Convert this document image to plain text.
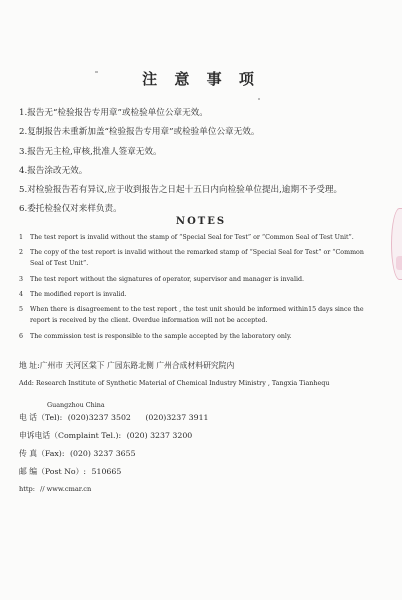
注 意 事 项
1.报告无“检验报告专用章”或检验单位公章无效。
2.复制报告未重新加盖“检验报告专用章”或检验单位公章无效。
3.报告无主检,审核,批准人签章无效。
4.报告涂改无效。
5.对检验报告若有异议,应于收到报告之日起十五日内向检验单位提出,逾期不予受理。
6.委托检验仅对来样负责。
NOTES
1	The test report is invalid without the stamp of “Special Seal for Test” or “Common Seal of Test Unit”.
2	The copy of the test report is invalid without the remarked stamp of “Special Seal for Test” or “Common Seal of Test Unit”.
3	The test report without the signatures of operator, supervisor and manager is invalid.
4	The modified report is invalid.
5	When there is disagreement to the test report , the test unit should be informed within15 days since the report is received by the client. Overdue information will not be accepted.
6	The commission test is responsible to the sample accepted by the laboratory only.
地 址:广州市 天河区棠下 广园东路北侧 广州合成材料研究院内
Add: Research Institute of Synthetic Material of Chemical Industry Ministry , Tangxia Tianhequ
Guangzhou China
电 话（Tel): (020)3237 3502 (020)3237 3911
申诉电话（Complaint Tel.): (020) 3237 3200
传 真（Fax): (020) 3237 3655
邮 编（Post No）: 510665
http: // www.cmar.cn
